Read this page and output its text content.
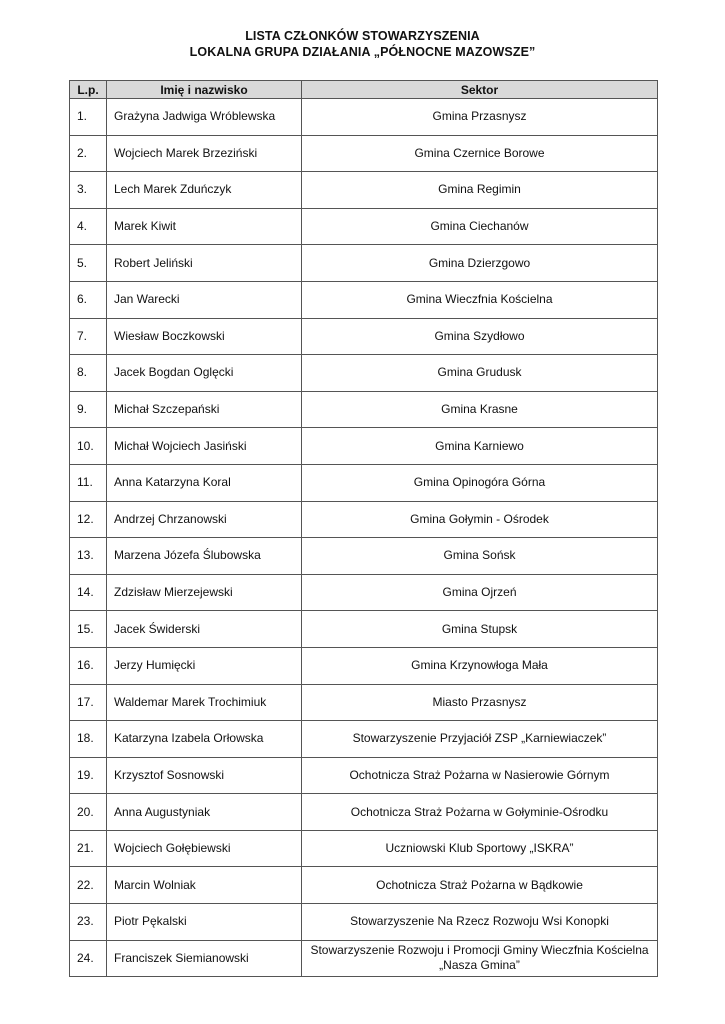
LISTA CZŁONKÓW STOWARZYSZENIA
LOKALNA GRUPA DZIAŁANIA „PÓŁNOCNE MAZOWSZE”
L.p.	Imię i nazwisko	Sektor
1.	Grażyna Jadwiga Wróblewska	Gmina Przasnysz
2.	Wojciech Marek Brzeziński	Gmina Czernice Borowe
3.	Lech Marek Zduńczyk	Gmina Regimin
4.	Marek Kiwit	Gmina Ciechanów
5.	Robert Jeliński	Gmina Dzierzgowo
6.	Jan Warecki	Gmina Wieczfnia Kościelna
7.	Wiesław Boczkowski	Gmina Szydłowo
8.	Jacek Bogdan Oglęcki	Gmina Grudusk
9.	Michał Szczepański	Gmina Krasne
10.	Michał Wojciech Jasiński	Gmina Karniewo
11.	Anna Katarzyna Koral	Gmina Opinogóra Górna
12.	Andrzej Chrzanowski	Gmina Gołymin - Ośrodek
13.	Marzena Józefa Ślubowska	Gmina Sońsk
14.	Zdzisław Mierzejewski	Gmina Ojrzeń
15.	Jacek Świderski	Gmina Stupsk
16.	Jerzy Humięcki	Gmina Krzynowłoga Mała
17.	Waldemar Marek Trochimiuk	Miasto Przasnysz
18.	Katarzyna Izabela Orłowska	Stowarzyszenie Przyjaciół ZSP „Karniewiaczek”
19.	Krzysztof Sosnowski	Ochotnicza Straż Pożarna w Nasierowie Górnym
20.	Anna Augustyniak	Ochotnicza Straż Pożarna w Gołyminie-Ośrodku
21.	Wojciech Gołębiewski	Uczniowski Klub Sportowy „ISKRA”
22.	Marcin Wolniak	Ochotnicza Straż Pożarna w Bądkowie
23.	Piotr Pękalski	Stowarzyszenie Na Rzecz Rozwoju Wsi Konopki
24.	Franciszek Siemianowski	Stowarzyszenie Rozwoju i Promocji Gminy Wieczfnia Kościelna „Nasza Gmina”
